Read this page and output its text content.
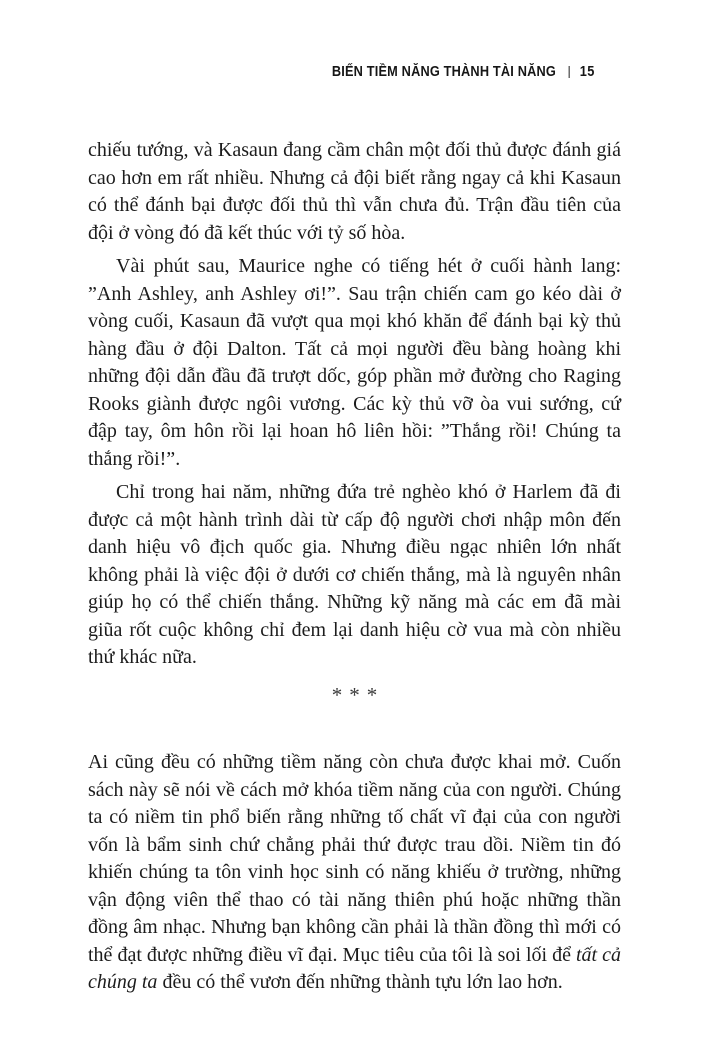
BIẾN TIỀM NĂNG THÀNH TÀI NĂNG | 15

chiếu tướng, và Kasaun đang cầm chân một đối thủ được đánh giá cao hơn em rất nhiều. Nhưng cả đội biết rằng ngay cả khi Kasaun có thể đánh bại được đối thủ thì vẫn chưa đủ. Trận đầu tiên của đội ở vòng đó đã kết thúc với tỷ số hòa.

Vài phút sau, Maurice nghe có tiếng hét ở cuối hành lang: ”Anh Ashley, anh Ashley ơi!”. Sau trận chiến cam go kéo dài ở vòng cuối, Kasaun đã vượt qua mọi khó khăn để đánh bại kỳ thủ hàng đầu ở đội Dalton. Tất cả mọi người đều bàng hoàng khi những đội dẫn đầu đã trượt dốc, góp phần mở đường cho Raging Rooks giành được ngôi vương. Các kỳ thủ vỡ òa vui sướng, cứ đập tay, ôm hôn rồi lại hoan hô liên hồi: ”Thắng rồi! Chúng ta thắng rồi!”.

Chỉ trong hai năm, những đứa trẻ nghèo khó ở Harlem đã đi được cả một hành trình dài từ cấp độ người chơi nhập môn đến danh hiệu vô địch quốc gia. Nhưng điều ngạc nhiên lớn nhất không phải là việc đội ở dưới cơ chiến thắng, mà là nguyên nhân giúp họ có thể chiến thắng. Những kỹ năng mà các em đã mài giũa rốt cuộc không chỉ đem lại danh hiệu cờ vua mà còn nhiều thứ khác nữa.

***

Ai cũng đều có những tiềm năng còn chưa được khai mở. Cuốn sách này sẽ nói về cách mở khóa tiềm năng của con người. Chúng ta có niềm tin phổ biến rằng những tố chất vĩ đại của con người vốn là bẩm sinh chứ chẳng phải thứ được trau dồi. Niềm tin đó khiến chúng ta tôn vinh học sinh có năng khiếu ở trường, những vận động viên thể thao có tài năng thiên phú hoặc những thần đồng âm nhạc. Nhưng bạn không cần phải là thần đồng thì mới có thể đạt được những điều vĩ đại. Mục tiêu của tôi là soi lối để tất cả chúng ta đều có thể vươn đến những thành tựu lớn lao hơn.
